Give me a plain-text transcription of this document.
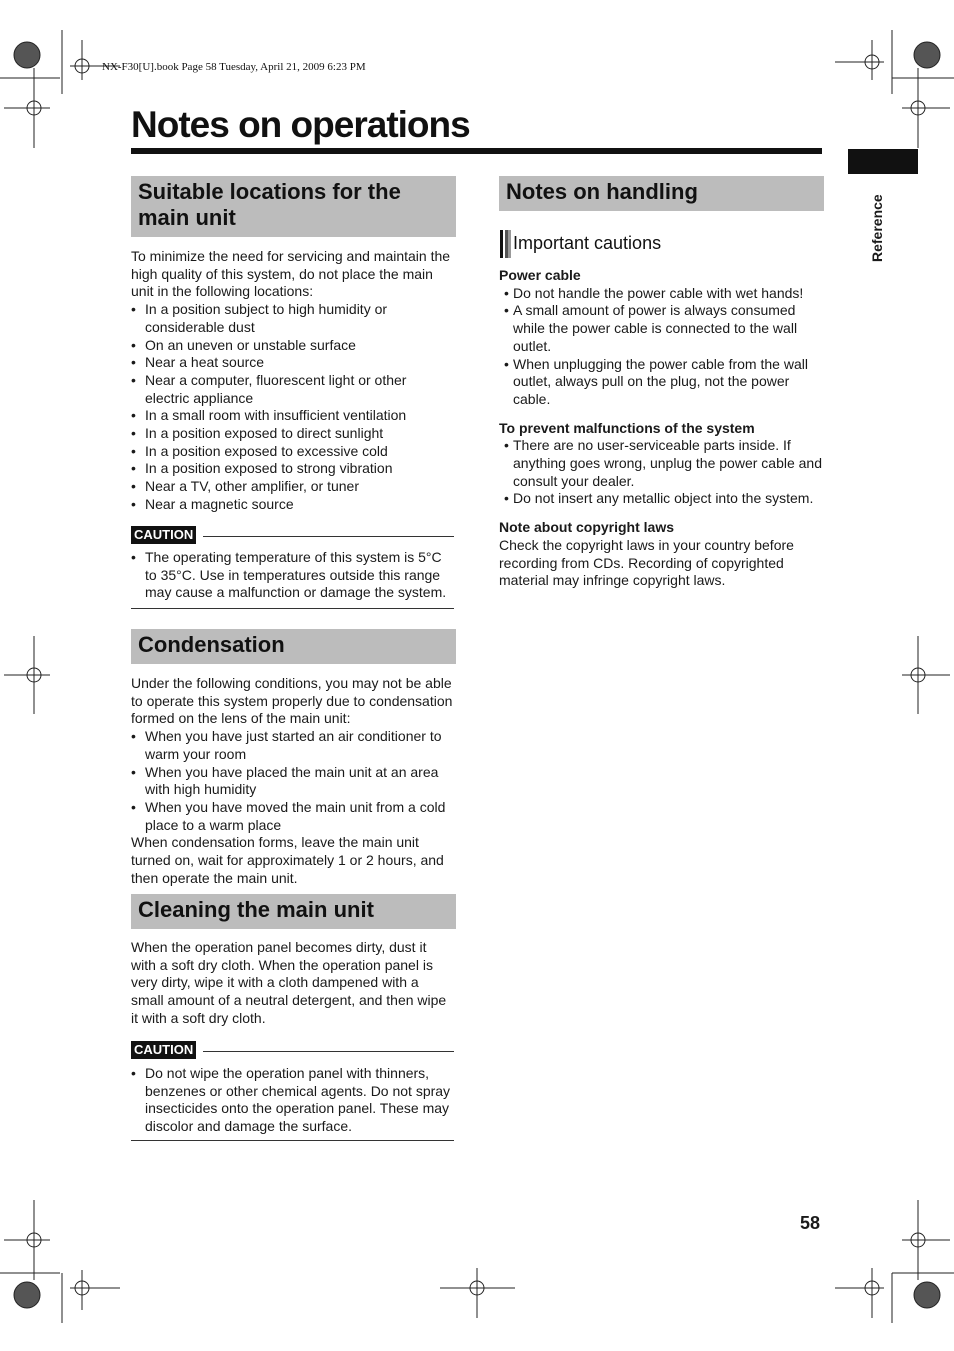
NX-F30[U].book Page 58 Tuesday, April 21, 2009 6:23 PM
Notes on operations
Reference
Suitable locations for the
main unit
To minimize the need for servicing and maintain the high quality of this system, do not place the main unit in the following locations:
• In a position subject to high humidity or considerable dust
• On an uneven or unstable surface
• Near a heat source
• Near a computer, fluorescent light or other electric appliance
• In a small room with insufficient ventilation
• In a position exposed to direct sunlight
• In a position exposed to excessive cold
• In a position exposed to strong vibration
• Near a TV, other amplifier, or tuner
• Near a magnetic source
CAUTION
• The operating temperature of this system is 5°C to 35°C. Use in temperatures outside this range may cause a malfunction or damage the system.
Condensation
Under the following conditions, you may not be able to operate this system properly due to condensation formed on the lens of the main unit:
• When you have just started an air conditioner to warm your room
• When you have placed the main unit at an area with high humidity
• When you have moved the main unit from a cold place to a warm place
When condensation forms, leave the main unit turned on, wait for approximately 1 or 2 hours, and then operate the main unit.
Cleaning the main unit
When the operation panel becomes dirty, dust it with a soft dry cloth. When the operation panel is very dirty, wipe it with a cloth dampened with a small amount of a neutral detergent, and then wipe it with a soft dry cloth.
CAUTION
• Do not wipe the operation panel with thinners, benzenes or other chemical agents. Do not spray insecticides onto the operation panel. These may discolor and damage the surface.
Notes on handling
Important cautions
Power cable
• Do not handle the power cable with wet hands!
• A small amount of power is always consumed while the power cable is connected to the wall outlet.
• When unplugging the power cable from the wall outlet, always pull on the plug, not the power cable.
To prevent malfunctions of the system
• There are no user-serviceable parts inside. If anything goes wrong, unplug the power cable and consult your dealer.
• Do not insert any metallic object into the system.
Note about copyright laws
Check the copyright laws in your country before recording from CDs. Recording of copyrighted material may infringe copyright laws.
58
